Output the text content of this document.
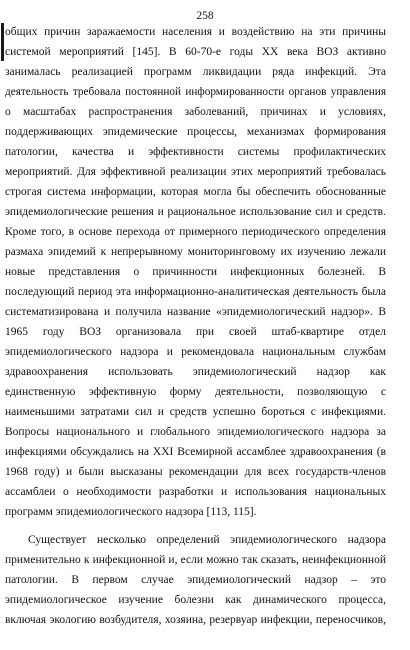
258
общих причин заражаемости населения и воздействию на эти причины
системой мероприятий [145]. В 60-70-е годы XX века ВОЗ активно
занималась реализацией программ ликвидации ряда инфекций. Эта
деятельность требовала постоянной информированности органов управления
о масштабах распространения заболеваний, причинах и условиях,
поддерживающих эпидемические процессы, механизмах формирования
патологии, качества и эффективности системы профилактических
мероприятий. Для эффективной реализации этих мероприятий требовалась
строгая система информации, которая могла бы обеспечить обоснованные
эпидемиологические решения и рациональное использование сил и средств.
Кроме того, в основе перехода от примерного периодического определения
размаха эпидемий к непрерывному мониторинговому их изучению лежали
новые представления о причинности инфекционных болезней. В
последующий период эта информационно-аналитическая деятельность была
систематизирована и получила название «эпидемиологический надзор». В
1965 году ВОЗ организовала при своей штаб-квартире отдел
эпидемиологического надзора и рекомендовала национальным службам
здравоохранения использовать эпидемиологический надзор как
единственную эффективную форму деятельности, позволяющую с
наименьшими затратами сил и средств успешно бороться с инфекциями.
Вопросы национального и глобального эпидемиологического надзора за
инфекциями обсуждались на XXI Всемирной ассамблее здравоохранения (в
1968 году) и были высказаны рекомендации для всех государств-членов
ассамблеи о необходимости разработки и использования национальных
программ эпидемиологического надзора [113, 115].
Существует несколько определений эпидемиологического надзора
применительно к инфекционной и, если можно так сказать, неинфекционной
патологии. В первом случае эпидемиологический надзор – это
эпидемиологическое изучение болезни как динамического процесса,
включая экологию возбудителя, хозяина, резервуар инфекции, переносчиков,
